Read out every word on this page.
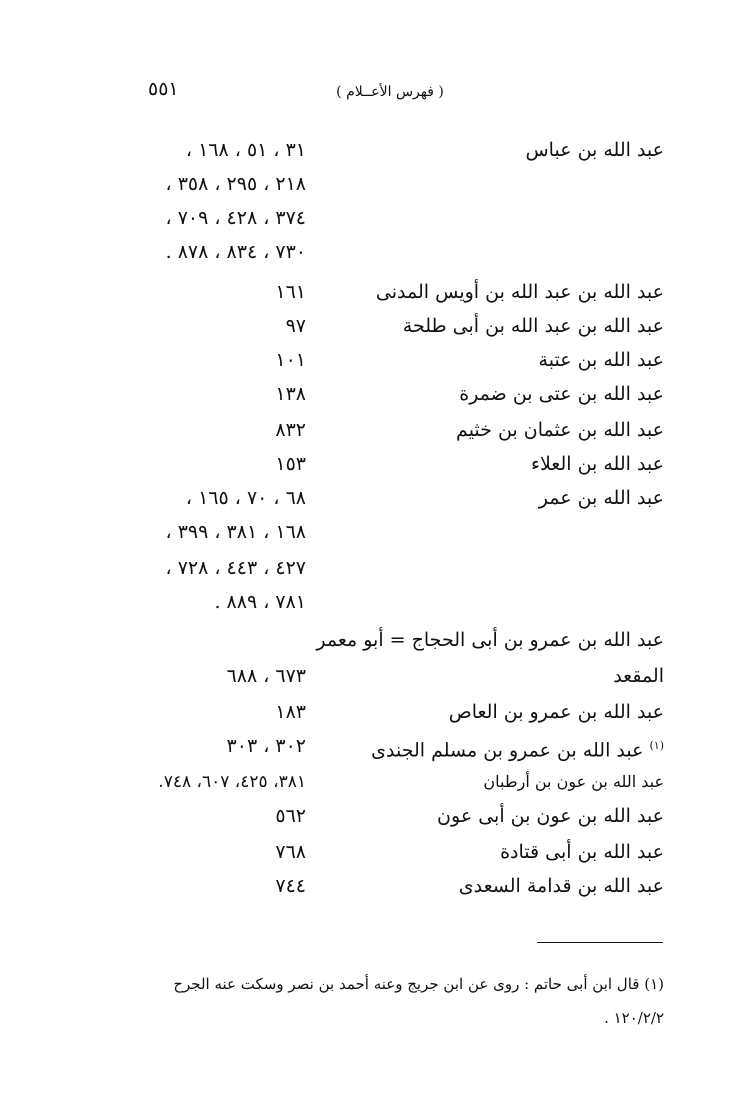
٥٥١	( فهرس الأعــلام )
عبد الله بن عباس
٣١ ، ٥١ ، ١٦٨ ،
٢١٨ ، ٢٩٥ ، ٣٥٨ ،
٣٧٤ ، ٤٢٨ ، ٧٠٩ ،
٧٣٠ ، ٨٣٤ ، ٨٧٨ .
عبد الله بن عبد الله بن أويس المدنى
١٦١
عبد الله بن عبد الله بن أبى طلحة
٩٧
عبد الله بن عتبة
١٠١
عبد الله بن عتى بن ضمرة
١٣٨
عبد الله بن عثمان بن خثيم
٨٣٢
عبد الله بن العلاء
١٥٣
عبد الله بن عمر
٦٨ ، ٧٠ ، ١٦٥ ،
١٦٨ ، ٣٨١ ، ٣٩٩ ،
٤٢٧ ، ٤٤٣ ، ٧٢٨ ،
٧٨١ ، ٨٨٩ .
عبد الله بن عمرو بن أبى الحجاج = أبو معمر
المقعد
٦٧٣ ، ٦٨٨
عبد الله بن عمرو بن العاص
١٨٣
$^{(١)}$ عبد الله بن عمرو بن مسلم الجندى
٣٠٢ ، ٣٠٣
عبد الله بن عون بن أرطبان
٣٨١، ٤٢٥، ٦٠٧، ٧٤٨.
عبد الله بن عون بن أبى عون
٥٦٢
عبد الله بن أبى قتادة
٧٦٨
عبد الله بن قدامة السعدى
٧٤٤
(١) قال ابن أبى حاتم : روى عن ابن جريج وعنه أحمد بن نصر وسكت عنه الجرح
١٢٠/٢/٢ .
